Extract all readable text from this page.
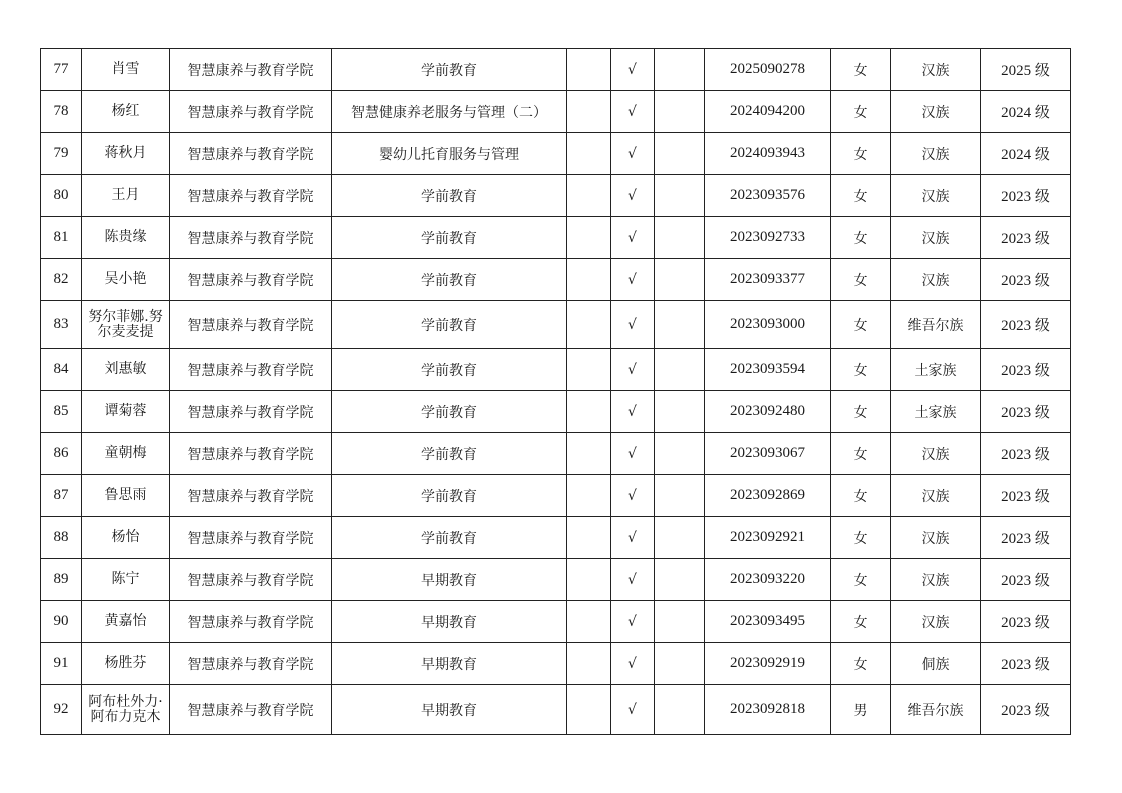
77	肖雪	智慧康养与教育学院	学前教育		√		2025090278	女	汉族	2025 级
78	杨红	智慧康养与教育学院	智慧健康养老服务与管理（二）		√		2024094200	女	汉族	2024 级
79	蒋秋月	智慧康养与教育学院	婴幼儿托育服务与管理		√		2024093943	女	汉族	2024 级
80	王月	智慧康养与教育学院	学前教育		√		2023093576	女	汉族	2023 级
81	陈贵缘	智慧康养与教育学院	学前教育		√		2023092733	女	汉族	2023 级
82	吴小艳	智慧康养与教育学院	学前教育		√		2023093377	女	汉族	2023 级
83	努尔菲娜.努尔麦麦提	智慧康养与教育学院	学前教育		√		2023093000	女	维吾尔族	2023 级
84	刘惠敏	智慧康养与教育学院	学前教育		√		2023093594	女	土家族	2023 级
85	谭菊蓉	智慧康养与教育学院	学前教育		√		2023092480	女	土家族	2023 级
86	童朝梅	智慧康养与教育学院	学前教育		√		2023093067	女	汉族	2023 级
87	鲁思雨	智慧康养与教育学院	学前教育		√		2023092869	女	汉族	2023 级
88	杨怡	智慧康养与教育学院	学前教育		√		2023092921	女	汉族	2023 级
89	陈宁	智慧康养与教育学院	早期教育		√		2023093220	女	汉族	2023 级
90	黄嘉怡	智慧康养与教育学院	早期教育		√		2023093495	女	汉族	2023 级
91	杨胜芬	智慧康养与教育学院	早期教育		√		2023092919	女	侗族	2023 级
92	阿布杜外力·阿布力克木	智慧康养与教育学院	早期教育		√		2023092818	男	维吾尔族	2023 级
